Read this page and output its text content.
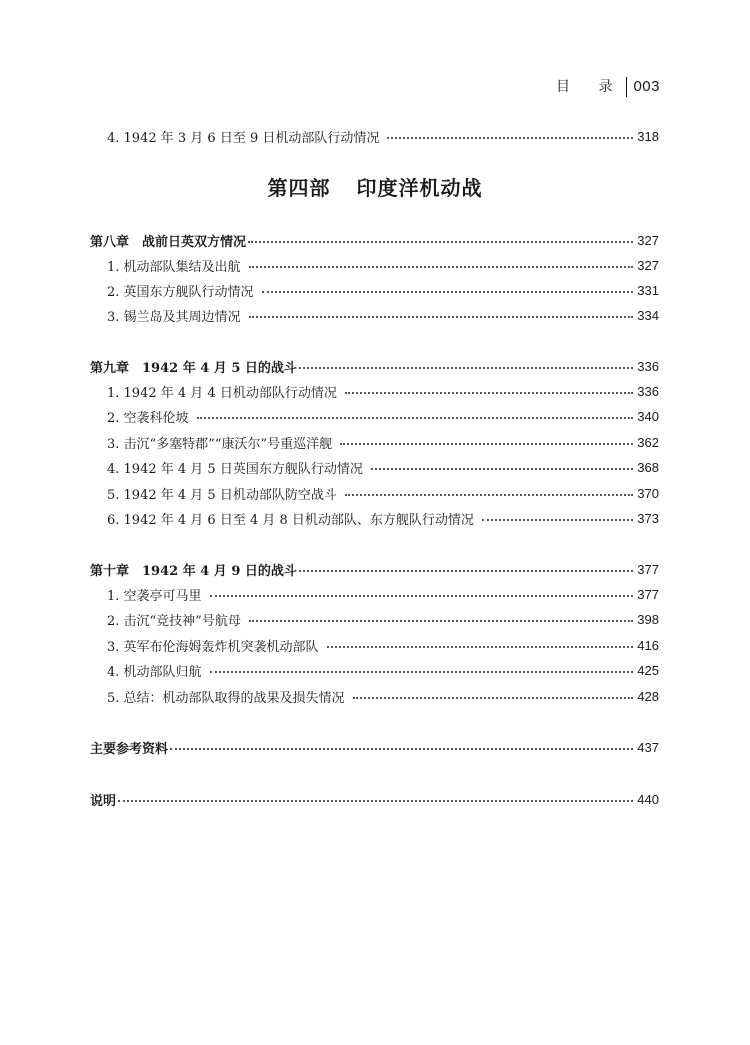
目 录 003
4. 1942 年 3 月 6 日至 9 日机动部队行动情况	318
第四部 印度洋机动战
第八章　战前日英双方情况	327
1. 机动部队集结及出航	327
2. 英国东方舰队行动情况	331
3. 锡兰岛及其周边情况	334
第九章　1942 年 4 月 5 日的战斗	336
1. 1942 年 4 月 4 日机动部队行动情况	336
2. 空袭科伦坡	340
3. 击沉“多塞特郡”“康沃尔”号重巡洋舰	362
4. 1942 年 4 月 5 日英国东方舰队行动情况	368
5. 1942 年 4 月 5 日机动部队防空战斗	370
6. 1942 年 4 月 6 日至 4 月 8 日机动部队、东方舰队行动情况	373
第十章　1942 年 4 月 9 日的战斗	377
1. 空袭亭可马里	377
2. 击沉“竞技神”号航母	398
3. 英军布伦海姆轰炸机突袭机动部队	416
4. 机动部队归航	425
5. 总结：机动部队取得的战果及损失情况	428
主要参考资料	437
说明	440
